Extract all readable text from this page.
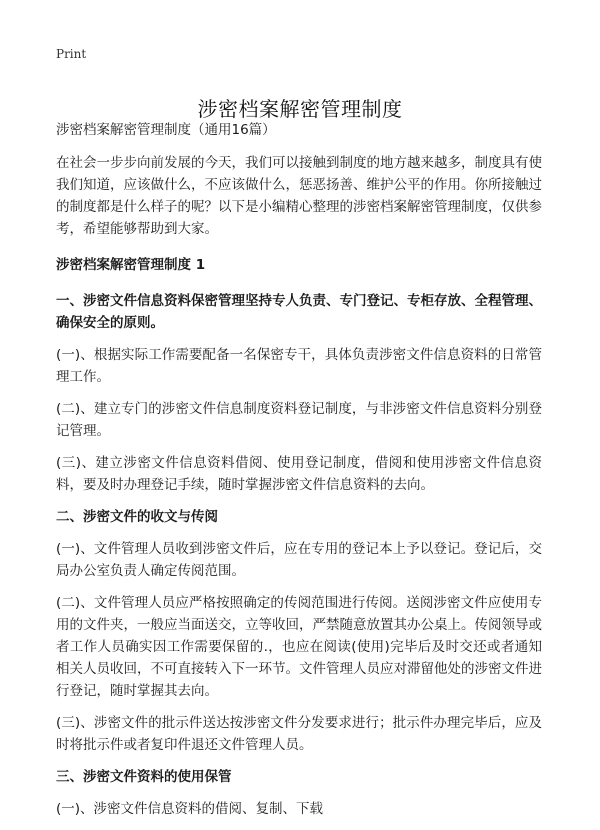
Print
涉密档案解密管理制度

涉密档案解密管理制度（通用16篇）

在社会一步步向前发展的今天，我们可以接触到制度的地方越来越多，制度具有使我们知道，应该做什么，不应该做什么，惩恶扬善、维护公平的作用。你所接触过的制度都是什么样子的呢？以下是小编精心整理的涉密档案解密管理制度，仅供参考，希望能够帮助到大家。

涉密档案解密管理制度 1

一、涉密文件信息资料保密管理坚持专人负责、专门登记、专柜存放、全程管理、确保安全的原则。

(一)、根据实际工作需要配备一名保密专干，具体负责涉密文件信息资料的日常管理工作。

(二)、建立专门的涉密文件信息制度资料登记制度，与非涉密文件信息资料分别登记管理。

(三)、建立涉密文件信息资料借阅、使用登记制度，借阅和使用涉密文件信息资料，要及时办理登记手续，随时掌握涉密文件信息资料的去向。

二、涉密文件的收文与传阅

(一)、文件管理人员收到涉密文件后，应在专用的登记本上予以登记。登记后，交局办公室负责人确定传阅范围。

(二)、文件管理人员应严格按照确定的传阅范围进行传阅。送阅涉密文件应使用专用的文件夹，一般应当面送交，立等收回，严禁随意放置其办公桌上。传阅领导或者工作人员确实因工作需要保留的.，也应在阅读(使用)完毕后及时交还或者通知相关人员收回，不可直接转入下一环节。文件管理人员应对滞留他处的涉密文件进行登记，随时掌握其去向。

(三)、涉密文件的批示件送达按涉密文件分发要求进行；批示件办理完毕后，应及时将批示件或者复印件退还文件管理人员。

三、涉密文件资料的使用保管

(一)、涉密文件信息资料的借阅、复制、下载
